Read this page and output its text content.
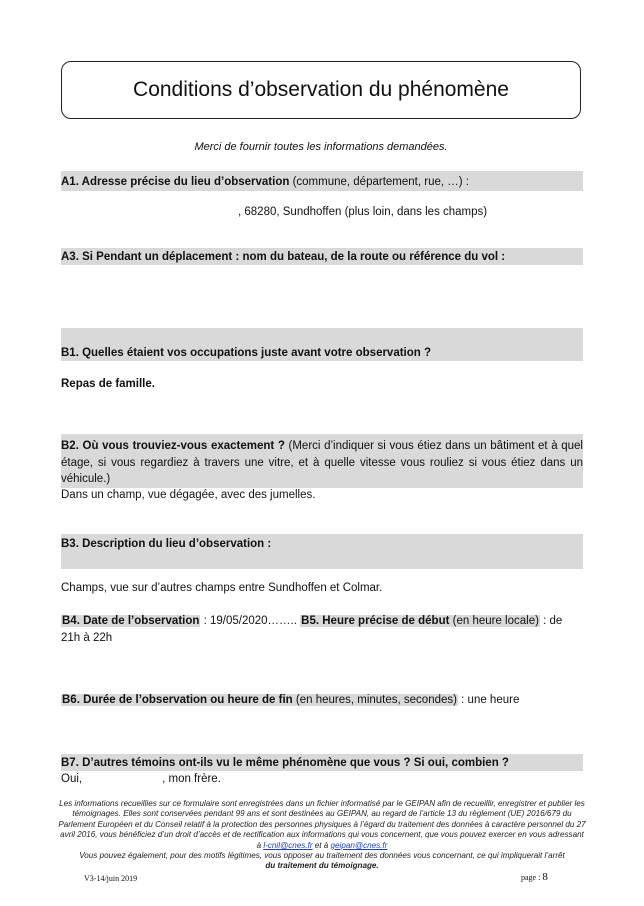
Conditions d’observation du phénomène
Merci de fournir toutes les informations demandées.
A1. Adresse précise du lieu d’observation (commune, département, rue, …) :
, 68280, Sundhoffen (plus loin, dans les champs)
A3. Si Pendant un déplacement : nom du bateau, de la route ou référence du vol :
B1. Quelles étaient vos occupations juste avant votre observation ?
Repas de famille.
B2. Où vous trouviez-vous exactement ? (Merci d’indiquer si vous étiez dans un bâtiment et à quel étage, si vous regardiez à travers une vitre, et à quelle vitesse vous rouliez si vous étiez dans un véhicule.)
Dans un champ, vue dégagée, avec des jumelles.
B3. Description du lieu d’observation :
Champs, vue sur d’autres champs entre Sundhoffen et Colmar.
B4. Date de l’observation : 19/05/2020…….. B5. Heure précise de début (en heure locale) : de
21h à 22h
B6. Durée de l’observation ou heure de fin (en heures, minutes, secondes) : une heure
B7. D’autres témoins ont-ils vu le même phénomène que vous ? Si oui, combien ?
Oui,	, mon frère.
Les informations recueillies sur ce formulaire sont enregistrées dans un fichier informatisé par le GEIPAN afin de recueillir, enregistrer et publier les témoignages. Elles sont conservées pendant 99 ans et sont destinées au GEIPAN, au regard de l’article 13 du règlement (UE) 2016/679 du Parlement Européen et du Conseil relatif à la protection des personnes physiques à l’égard du traitement des données à caractère personnel du 27 avril 2016, vous bénéficiez d’un droit d’accès et de rectification aux informations qui vous concernent, que vous pouvez exercer en vous adressant à l-cnil@cnes.fr et à geipan@cnes.fr
Vous pouvez également, pour des motifs légitimes, vous opposer au traitement des données vous concernant, ce qui impliquerait l’arrêt
du traitement du témoignage.
V3-14/juin 2019	page : 8
